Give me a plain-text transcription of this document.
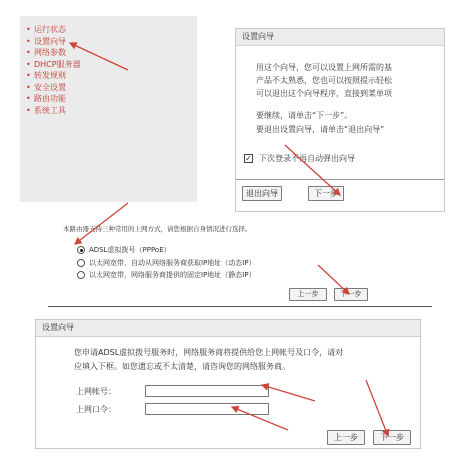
• 运行状态
• 设置向导
• 网络参数
• DHCP服务器
• 转发规则
• 安全设置
• 路由功能
• 系统工具
设置向导
用这个向导，您可以设置上网所需的基
产品不太熟悉，您也可以按照提示轻松
可以退出这个向导程序，直接到菜单项
要继续，请单击“下一步”。
要退出设置向导，请单击“退出向导”
✓ 下次登录不再自动弹出向导
退出向导	下一步
本路由器支持三种常用的上网方式，请您根据自身情况进行选择。
ADSL虚拟拨号（PPPoE）
以太网宽带，自动从网络服务商获取IP地址（动态IP）
以太网宽带，网络服务商提供的固定IP地址（静态IP）
上一步	下一步
设置向导
您申请ADSL虚拟拨号服务时，网络服务商将提供给您上网帐号及口令，请对
应填入下框。如您遗忘或不太清楚，请咨询您的网络服务商。
上网帐号：
上网口令：
上一步	下一步
